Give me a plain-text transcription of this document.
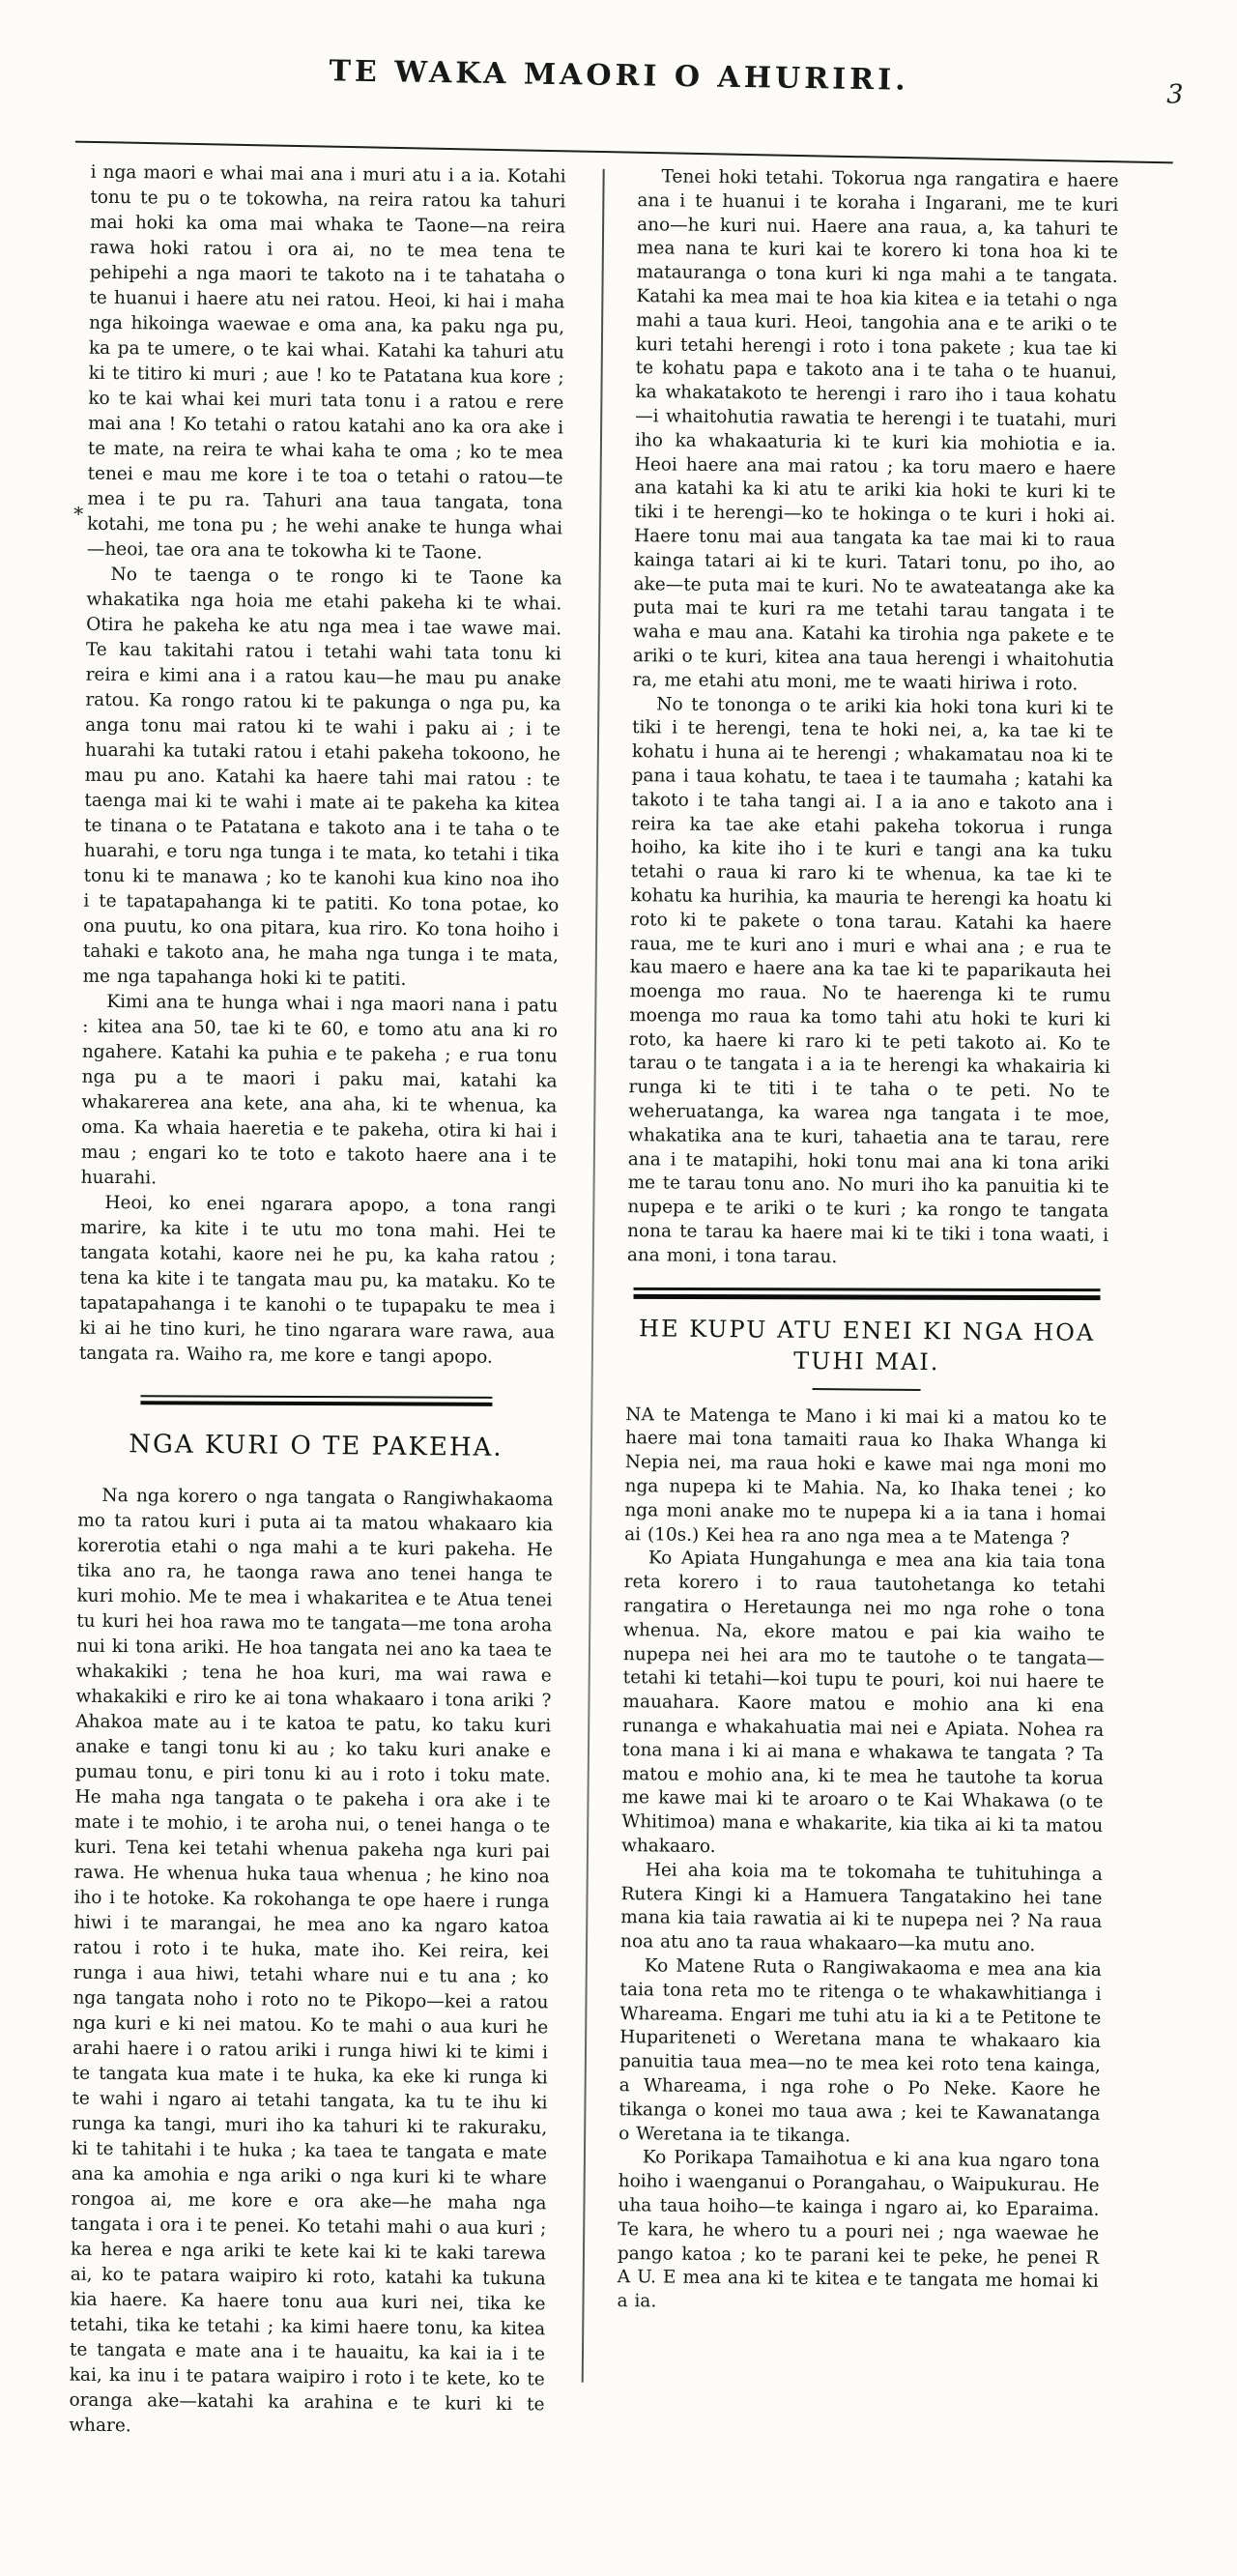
TE WAKA MAORI O AHURIRI.	3
*

i nga maori e whai mai ana i muri atu i a ia. Kotahi tonu te pu o te tokowha, na reira ratou ka tahuri mai hoki ka oma mai whaka te Taone—na reira rawa hoki ratou i ora ai, no te mea tena te pehipehi a nga maori te takoto na i te tahataha o te huanui i haere atu nei ratou. Heoi, ki hai i maha nga hikoinga waewae e oma ana, ka paku nga pu, ka pa te umere, o te kai whai. Katahi ka tahuri atu ki te titiro ki muri ; aue ! ko te Patatana kua kore ; ko te kai whai kei muri tata tonu i a ratou e rere mai ana ! Ko tetahi o ratou katahi ano ka ora ake i te mate, na reira te whai kaha te oma ; ko te mea tenei e mau me kore i te toa o tetahi o ratou—te mea i te pu ra. Tahuri ana taua tangata, tona kotahi, me tona pu ; he wehi anake te hunga whai—heoi, tae ora ana te tokowha ki te Taone.

No te taenga o te rongo ki te Taone ka whakatika nga hoia me etahi pakeha ki te whai. Otira he pakeha ke atu nga mea i tae wawe mai. Te kau takitahi ratou i tetahi wahi tata tonu ki reira e kimi ana i a ratou kau—he mau pu anake ratou. Ka rongo ratou ki te pakunga o nga pu, ka anga tonu mai ratou ki te wahi i paku ai ; i te huarahi ka tutaki ratou i etahi pakeha tokoono, he mau pu ano. Katahi ka haere tahi mai ratou : te taenga mai ki te wahi i mate ai te pakeha ka kitea te tinana o te Patatana e takoto ana i te taha o te huarahi, e toru nga tunga i te mata, ko tetahi i tika tonu ki te manawa ; ko te kanohi kua kino noa iho i te tapatapahanga ki te patiti. Ko tona potae, ko ona puutu, ko ona pitara, kua riro. Ko tona hoiho i tahaki e takoto ana, he maha nga tunga i te mata, me nga tapahanga hoki ki te patiti.

Kimi ana te hunga whai i nga maori nana i patu : kitea ana 50, tae ki te 60, e tomo atu ana ki ro ngahere. Katahi ka puhia e te pakeha ; e rua tonu nga pu a te maori i paku mai, katahi ka whakarerea ana kete, ana aha, ki te whenua, ka oma. Ka whaia haeretia e te pakeha, otira ki hai i mau ; engari ko te toto e takoto haere ana i te huarahi.

Heoi, ko enei ngarara apopo, a tona rangi marire, ka kite i te utu mo tona mahi. Hei te tangata kotahi, kaore nei he pu, ka kaha ratou ; tena ka kite i te tangata mau pu, ka mataku. Ko te tapatapahanga i te kanohi o te tupapaku te mea i ki ai he tino kuri, he tino ngarara ware rawa, aua tangata ra. Waiho ra, me kore e tangi apopo.

NGA KURI O TE PAKEHA.

Na nga korero o nga tangata o Rangiwhakaoma mo ta ratou kuri i puta ai ta matou whakaaro kia korerotia etahi o nga mahi a te kuri pakeha. He tika ano ra, he taonga rawa ano tenei hanga te kuri mohio. Me te mea i whakaritea e te Atua tenei tu kuri hei hoa rawa mo te tangata—me tona aroha nui ki tona ariki. He hoa tangata nei ano ka taea te whakakiki ; tena he hoa kuri, ma wai rawa e whakakiki e riro ke ai tona whakaaro i tona ariki ? Ahakoa mate au i te katoa te patu, ko taku kuri anake e tangi tonu ki au ; ko taku kuri anake e pumau tonu, e piri tonu ki au i roto i toku mate. He maha nga tangata o te pakeha i ora ake i te mate i te mohio, i te aroha nui, o tenei hanga o te kuri. Tena kei tetahi whenua pakeha nga kuri pai rawa. He whenua huka taua whenua ; he kino noa iho i te hotoke. Ka rokohanga te ope haere i runga hiwi i te marangai, he mea ano ka ngaro katoa ratou i roto i te huka, mate iho. Kei reira, kei runga i aua hiwi, tetahi whare nui e tu ana ; ko nga tangata noho i roto no te Pikopo—kei a ratou nga kuri e ki nei matou. Ko te mahi o aua kuri he arahi haere i o ratou ariki i runga hiwi ki te kimi i te tangata kua mate i te huka, ka eke ki runga ki te wahi i ngaro ai tetahi tangata, ka tu te ihu ki runga ka tangi, muri iho ka tahuri ki te rakuraku, ki te tahitahi i te huka ; ka taea te tangata e mate ana ka amohia e nga ariki o nga kuri ki te whare rongoa ai, me kore e ora ake—he maha nga tangata i ora i te penei. Ko tetahi mahi o aua kuri ; ka herea e nga ariki te kete kai ki te kaki tarewa ai, ko te patara waipiro ki roto, katahi ka tukuna kia haere. Ka haere tonu aua kuri nei, tika ke tetahi, tika ke tetahi ; ka kimi haere tonu, ka kitea te tangata e mate ana i te hauaitu, ka kai ia i te kai, ka inu i te patara waipiro i roto i te kete, ko te oranga ake—katahi ka arahina e te kuri ki te whare.

Tenei hoki tetahi. Tokorua nga rangatira e haere ana i te huanui i te koraha i Ingarani, me te kuri ano—he kuri nui. Haere ana raua, a, ka tahuri te mea nana te kuri kai te korero ki tona hoa ki te matauranga o tona kuri ki nga mahi a te tangata. Katahi ka mea mai te hoa kia kitea e ia tetahi o nga mahi a taua kuri. Heoi, tangohia ana e te ariki o te kuri tetahi herengi i roto i tona pakete ; kua tae ki te kohatu papa e takoto ana i te taha o te huanui, ka whakatakoto te herengi i raro iho i taua kohatu—i whaitohutia rawatia te herengi i te tuatahi, muri iho ka whakaaturia ki te kuri kia mohiotia e ia. Heoi haere ana mai ratou ; ka toru maero e haere ana katahi ka ki atu te ariki kia hoki te kuri ki te tiki i te herengi—ko te hokinga o te kuri i hoki ai. Haere tonu mai aua tangata ka tae mai ki to raua kainga tatari ai ki te kuri. Tatari tonu, po iho, ao ake—te puta mai te kuri. No te awateatanga ake ka puta mai te kuri ra me tetahi tarau tangata i te waha e mau ana. Katahi ka tirohia nga pakete e te ariki o te kuri, kitea ana taua herengi i whaitohutia ra, me etahi atu moni, me te waati hiriwa i roto.

No te tononga o te ariki kia hoki tona kuri ki te tiki i te herengi, tena te hoki nei, a, ka tae ki te kohatu i huna ai te herengi ; whakamatau noa ki te pana i taua kohatu, te taea i te taumaha ; katahi ka takoto i te taha tangi ai. I a ia ano e takoto ana i reira ka tae ake etahi pakeha tokorua i runga hoiho, ka kite iho i te kuri e tangi ana ka tuku tetahi o raua ki raro ki te whenua, ka tae ki te kohatu ka hurihia, ka mauria te herengi ka hoatu ki roto ki te pakete o tona tarau. Katahi ka haere raua, me te kuri ano i muri e whai ana ; e rua te kau maero e haere ana ka tae ki te paparikauta hei moenga mo raua. No te haerenga ki te rumu moenga mo raua ka tomo tahi atu hoki te kuri ki roto, ka haere ki raro ki te peti takoto ai. Ko te tarau o te tangata i a ia te herengi ka whakairia ki runga ki te titi i te taha o te peti. No te weheruatanga, ka warea nga tangata i te moe, whakatika ana te kuri, tahaetia ana te tarau, rere ana i te matapihi, hoki tonu mai ana ki tona ariki me te tarau tonu ano. No muri iho ka panuitia ki te nupepa e te ariki o te kuri ; ka rongo te tangata nona te tarau ka haere mai ki te tiki i tona waati, i ana moni, i tona tarau.

HE KUPU ATU ENEI KI NGA HOA TUHI MAI.

NA te Matenga te Mano i ki mai ki a matou ko te haere mai tona tamaiti raua ko Ihaka Whanga ki Nepia nei, ma raua hoki e kawe mai nga moni mo nga nupepa ki te Mahia. Na, ko Ihaka tenei ; ko nga moni anake mo te nupepa ki a ia tana i homai ai (10s.) Kei hea ra ano nga mea a te Matenga ?

Ko Apiata Hungahunga e mea ana kia taia tona reta korero i to raua tautohetanga ko tetahi rangatira o Heretaunga nei mo nga rohe o tona whenua. Na, ekore matou e pai kia waiho te nupepa nei hei ara mo te tautohe o te tangata—tetahi ki tetahi—koi tupu te pouri, koi nui haere te mauahara. Kaore matou e mohio ana ki ena runanga e whakahuatia mai nei e Apiata. Nohea ra tona mana i ki ai mana e whakawa te tangata ? Ta matou e mohio ana, ki te mea he tautohe ta korua me kawe mai ki te aroaro o te Kai Whakawa (o te Whitimoa) mana e whakarite, kia tika ai ki ta matou whakaaro.

Hei aha koia ma te tokomaha te tuhituhinga a Rutera Kingi ki a Hamuera Tangatakino hei tane mana kia taia rawatia ai ki te nupepa nei ? Na raua noa atu ano ta raua whakaaro—ka mutu ano.

Ko Matene Ruta o Rangiwakaoma e mea ana kia taia tona reta mo te ritenga o te whakawhitianga i Whareama. Engari me tuhi atu ia ki a te Petitone te Hupariteneti o Weretana mana te whakaaro kia panuitia taua mea—no te mea kei roto tena kainga, a Whareama, i nga rohe o Po Neke. Kaore he tikanga o konei mo taua awa ; kei te Kawanatanga o Weretana ia te tikanga.

Ko Porikapa Tamaihotua e ki ana kua ngaro tona hoiho i waenganui o Porangahau, o Waipukurau. He uha taua hoiho—te kainga i ngaro ai, ko Eparaima. Te kara, he whero tu a pouri nei ; nga waewae he pango katoa ; ko te parani kei te peke, he penei R A U. E mea ana ki te kitea e te tangata me homai ki a ia.
